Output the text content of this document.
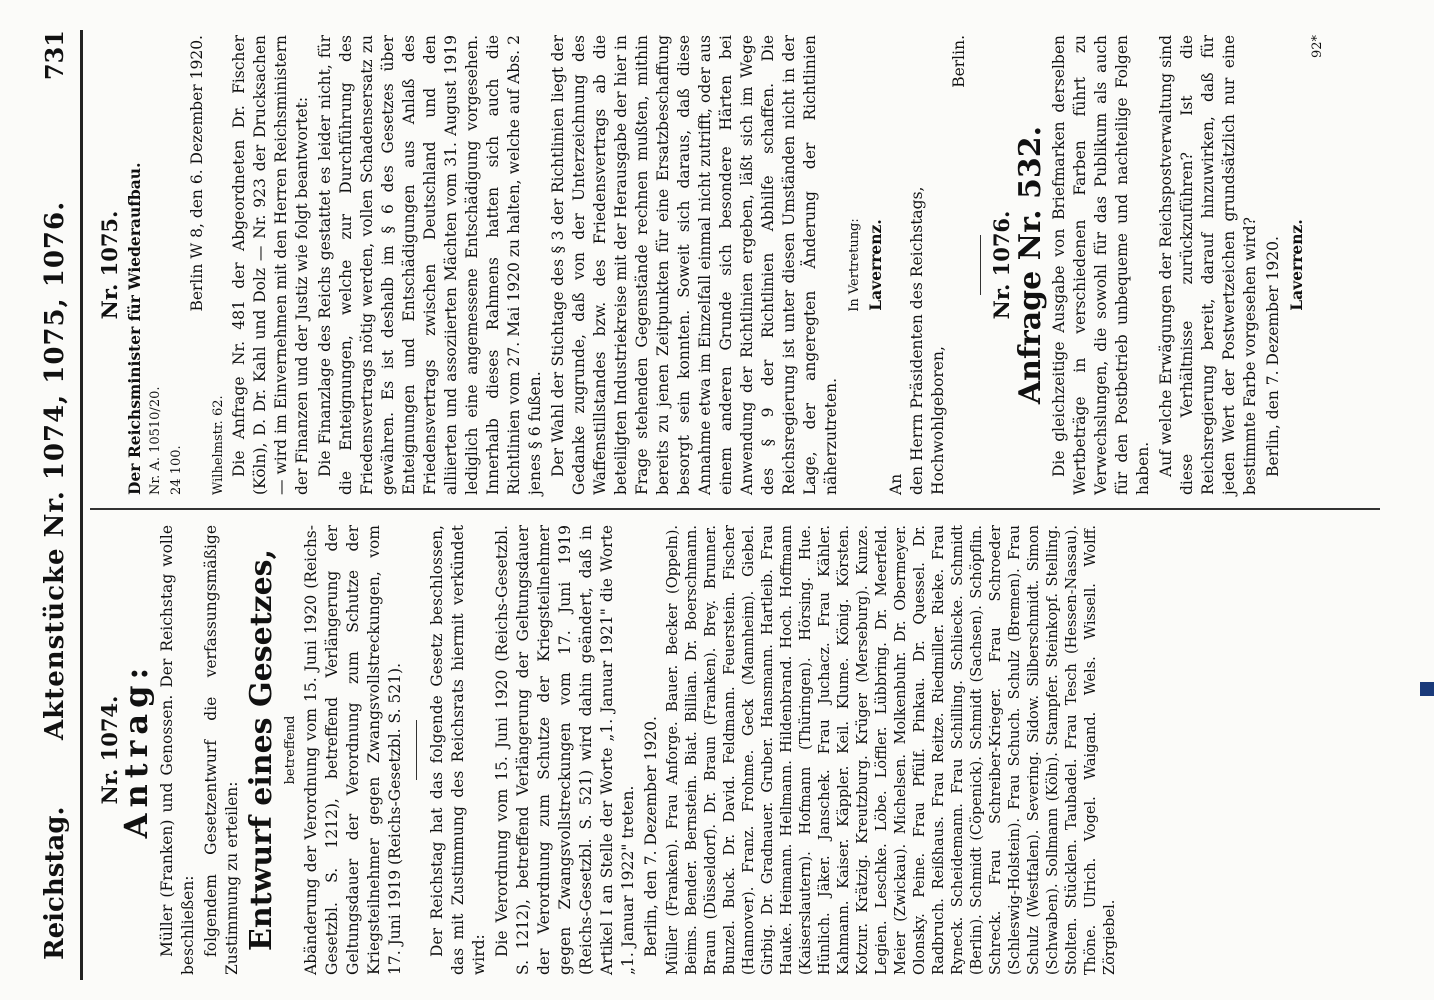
Reichstag.
Aktenstücke Nr. 1074, 1075, 1076.
731
Nr. 1074.
Antrag: Müller (Franken) und Genossen. Der Reichstag wolle beschließen: folgendem Gesetzentwurf die verfassungsmäßige Zustimmung zu erteilen: Entwurf eines Gesetzes, betreffend Abänderung der Verordnung vom 15. Juni 1920 (Reichs-Gesetzbl. S. 1212), betreffend Verlängerung der Geltungsdauer der Verordnung zum Schutze der Kriegsteilnehmer gegen Zwangsvollstreckungen, vom 17. Juni 1919 (Reichs-Gesetzbl. S. 521). Der Reichstag hat das folgende Gesetz beschlossen, das mit Zustimmung des Reichsrats hiermit verkündet wird: Die Verordnung vom 15. Juni 1920 (Reichs-Gesetzbl. S. 1212), betreffend Verlängerung der Geltungsdauer der Verordnung zum Schutze der Kriegsteilnehmer gegen Zwangsvollstreckungen vom 17. Juni 1919 (Reichs-Gesetzbl. S. 521) wird dahin geändert, daß in Artikel I an Stelle der Worte „1. Januar 1921" die Worte „1. Januar 1922" treten. Berlin, den 7. Dezember 1920. Müller (Franken). Frau Anforge. Bauer. Becker (Oppeln). Beims. Bender. Bernstein. Biat. Billian. Dr. Boerschmann. Braun (Düsseldorf). Dr. Braun (Franken). Brey. Brunner. Bunzel. Buck. Dr. David. Feldmann. Feuerstein. Fischer (Hannover). Franz. Frohme. Geck (Mannheim). Giebel. Girbig. Dr. Gradnauer. Gruber. Hansmann. Hartleib. Frau Hauke. Heimann. Hellmann. Hildenbrand. Hoch. Hoffmann (Kaiserslautern). Hofmann (Thüringen). Hörsing. Hue. Hünlich. Jäker. Janschek. Frau Juchacz. Frau Kähler. Kahmann. Kaiser. Käppler. Keil. Klume. König. Körsten. Kotzur. Krätzig. Kreutzburg. Krüger (Merseburg). Kunze. Legien. Leschke. Löbe. Löffler. Lübbring. Dr. Meerfeld. Meier (Zwickau). Michelsen. Molkenbuhr. Dr. Obermeyer. Olonsky. Peine. Frau Pfülf. Pinkau. Dr. Quessel. Dr. Radbruch. Reißhaus. Frau Reitze. Riedmiller. Rieke. Frau Ryneck. Scheidemann. Frau Schilling. Schliecke. Schmidt (Berlin). Schmidt (Cöpenick). Schmidt (Sachsen). Schöpflin. Schreck. Frau Schreiber-Krieger. Frau Schroeder (Schleswig-Holstein). Frau Schuch. Schulz (Bremen). Frau Schulz (Westfalen). Severing. Sidow. Silberschmidt. Simon (Schwaben). Sollmann (Köln). Stampfer. Steinkopf. Stelling. Stolten. Stücklen. Taubadel. Frau Tesch (Hessen-Nassau). Thöne. Ulrich. Vogel. Waigand. Wels. Wissell. Wolff. Zörgiebel.

Nr. 1075. Der Reichsminister für Wiederaufbau. Nr. A. 10510/20. 24 100.
Berlin W 8, den 6. Dezember 1920.
Wilhelmstr. 62. Die Anfrage Nr. 481 der Abgeordneten Dr. Fischer (Köln), D. Dr. Kahl und Dolz — Nr. 923 der Drucksachen — wird im Einvernehmen mit den Herren Reichsministern der Finanzen und der Justiz wie folgt beantwortet: Die Finanzlage des Reichs gestattet es leider nicht, für die Enteignungen, welche zur Durchführung des Friedensvertrags nötig werden, vollen Schadensersatz zu gewähren. Es ist deshalb im § 6 des Gesetzes über Enteignungen und Entschädigungen aus Anlaß des Friedensvertrags zwischen Deutschland und den alliierten und assoziierten Mächten vom 31. August 1919 lediglich eine angemessene Entschädigung vorgesehen. Innerhalb dieses Rahmens hatten sich auch die Richtlinien vom 27. Mai 1920 zu halten, welche auf Abs. 2 jenes § 6 fußen. Der Wahl der Stichtage des § 3 der Richtlinien liegt der Gedanke zugrunde, daß von der Unterzeichnung des Waffenstillstandes bzw. des Friedensvertrags ab die beteiligten Industriekreise mit der Herausgabe der hier in Frage stehenden Gegenstände rechnen mußten, mithin bereits zu jenen Zeitpunkten für eine Ersatzbeschaffung besorgt sein konnten. Soweit sich daraus, daß diese Annahme etwa im Einzelfall einmal nicht zutrifft, oder aus einem anderen Grunde sich besondere Härten bei Anwendung der Richtlinien ergeben, läßt sich im Wege des § 9 der Richtlinien Abhilfe schaffen. Die Reichsregierung ist unter diesen Umständen nicht in der Lage, der angeregten Änderung der Richtlinien näherzutreten.

In Vertretung: Laverrenz.
An den Herrn Präsidenten des Reichstags, Hochwohlgeboren,
Berlin.
Nr. 1076. Anfrage Nr. 532. Die gleichzeitige Ausgabe von Briefmarken derselben Wertbeträge in verschiedenen Farben führt zu Verwechslungen, die sowohl für das Publikum als auch für den Postbetrieb unbequeme und nachteilige Folgen haben. Auf welche Erwägungen der Reichspostverwaltung sind diese Verhältnisse zurückzuführen? Ist die Reichsregierung bereit, darauf hinzuwirken, daß für jeden Wert der Postwertzeichen grundsätzlich nur eine bestimmte Farbe vorgesehen wird? Berlin, den 7. Dezember 1920. Laverrenz.
92*
